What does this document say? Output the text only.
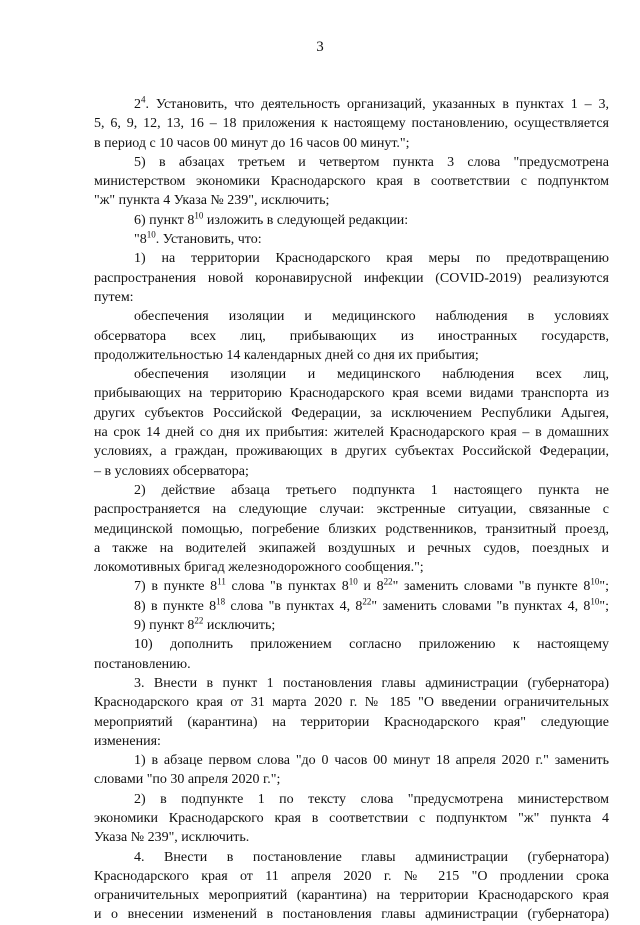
3
$2^4$. Установить, что деятельность организаций, указанных в пунктах 1 – 3,
5, 6, 9, 12, 13, 16 – 18 приложения к настоящему постановлению, осуществляется
в период с 10 часов 00 минут до 16 часов 00 минут.";
5) в абзацах третьем и четвертом пункта 3 слова "предусмотрена
министерством экономики Краснодарского края в соответствии с подпунктом
"ж" пункта 4 Указа № 239", исключить;
6) пункт $8^{10}$ изложить в следующей редакции:
"$8^{10}$. Установить, что:
1) на территории Краснодарского края меры по предотвращению
распространения новой коронавирусной инфекции (COVID-2019) реализуются
путем:
обеспечения изоляции и медицинского наблюдения в условиях
обсерватора всех лиц, прибывающих из иностранных государств,
продолжительностью 14 календарных дней со дня их прибытия;
обеспечения изоляции и медицинского наблюдения всех лиц,
прибывающих на территорию Краснодарского края всеми видами транспорта из
других субъектов Российской Федерации, за исключением Республики Адыгея,
на срок 14 дней со дня их прибытия: жителей Краснодарского края – в домашних
условиях, а граждан, проживающих в других субъектах Российской Федерации,
– в условиях обсерватора;
2) действие абзаца третьего подпункта 1 настоящего пункта не
распространяется на следующие случаи: экстренные ситуации, связанные с
медицинской помощью, погребение близких родственников, транзитный проезд,
а также на водителей экипажей воздушных и речных судов, поездных и
локомотивных бригад железнодорожного сообщения.";
7) в пункте $8^{11}$ слова "в пунктах $8^{10}$ и $8^{22}$" заменить словами "в пункте $8^{10}$";
8) в пункте $8^{18}$ слова "в пунктах 4, $8^{22}$" заменить словами "в пунктах 4, $8^{10}$";
9) пункт $8^{22}$ исключить;
10) дополнить приложением согласно приложению к настоящему
постановлению.
3. Внести в пункт 1 постановления главы администрации (губернатора)
Краснодарского края от 31 марта 2020 г. № 185 "О введении ограничительных
мероприятий (карантина) на территории Краснодарского края" следующие
изменения:
1) в абзаце первом слова "до 0 часов 00 минут 18 апреля 2020 г." заменить
словами "по 30 апреля 2020 г.";
2) в подпункте 1 по тексту слова "предусмотрена министерством
экономики Краснодарского края в соответствии с подпунктом "ж" пункта 4
Указа № 239", исключить.
4. Внести в постановление главы администрации (губернатора)
Краснодарского края от 11 апреля 2020 г. № 215 "О продлении срока
ограничительных мероприятий (карантина) на территории Краснодарского края
и о внесении изменений в постановления главы администрации (губернатора)
